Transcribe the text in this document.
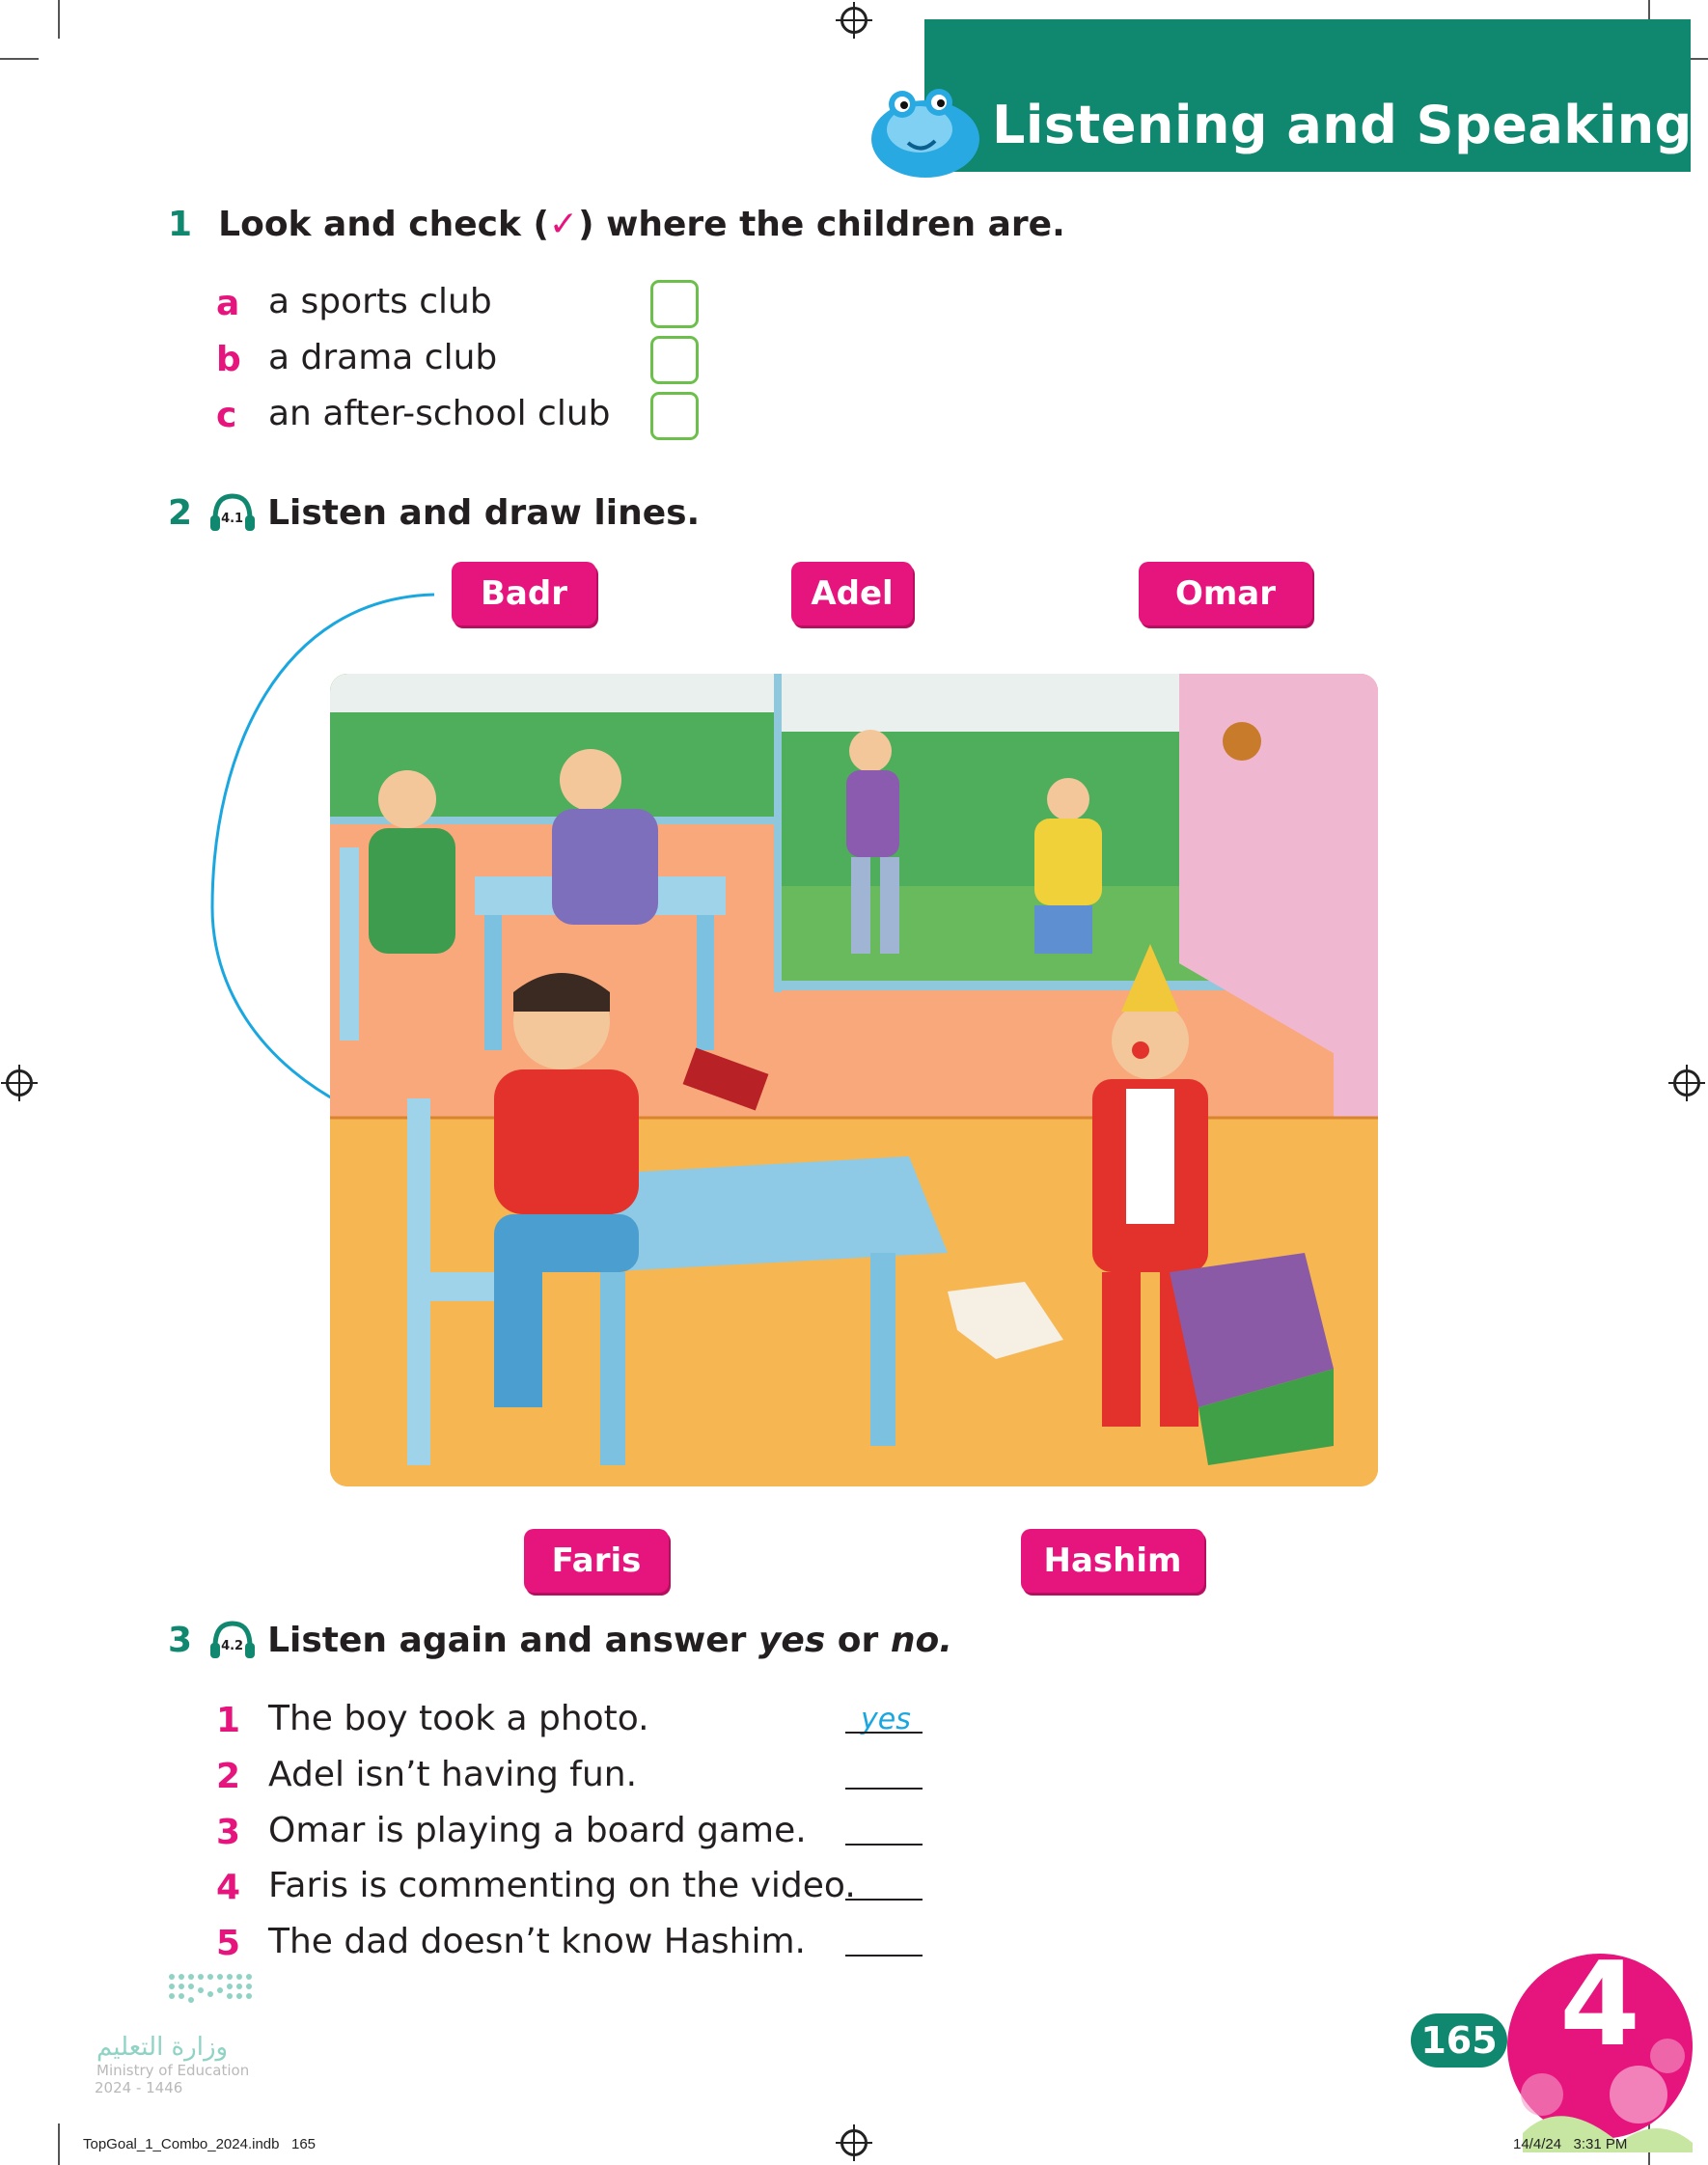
Listening and Speaking
1 Look and check (✓) where the children are.
a a sports club
b a drama club
c an after-school club
2 4.1 Listen and draw lines.
Badr	Adel	Omar
Faris	Hashim
3 4.2 Listen again and answer yes or no.
1 The boy took a photo.	yes
2 Adel isn’t having fun.
3 Omar is playing a board game.
4 Faris is commenting on the video.
5 The dad doesn’t know Hashim.
وزارة التعليم
Ministry of Education
2024 - 1446
165 4
TopGoal_1_Combo_2024.indb   165	14/4/24   3:31 PM
